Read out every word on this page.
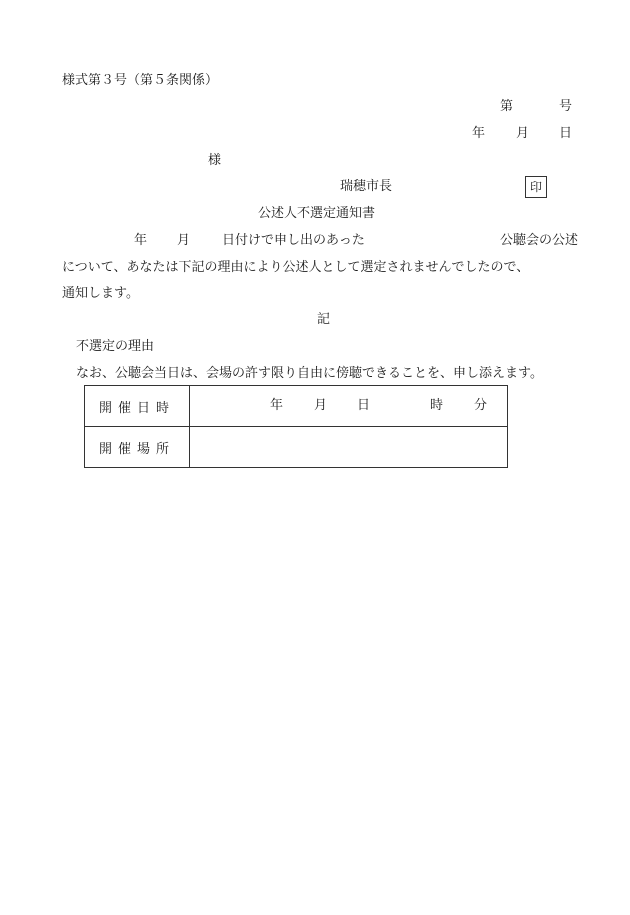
様式第３号（第５条関係）
第	号
年 月 日
様
瑞穂市長	印
公述人不選定通知書
年 月 日付けで申し出のあった	公聴会の公述
について、あなたは下記の理由により公述人として選定されませんでしたので、
通知します。
記
不選定の理由
なお、公聴会当日は、会場の許す限り自由に傍聴できることを、申し添えます。
開催日時	年 月 日 時 分

開催場所	
